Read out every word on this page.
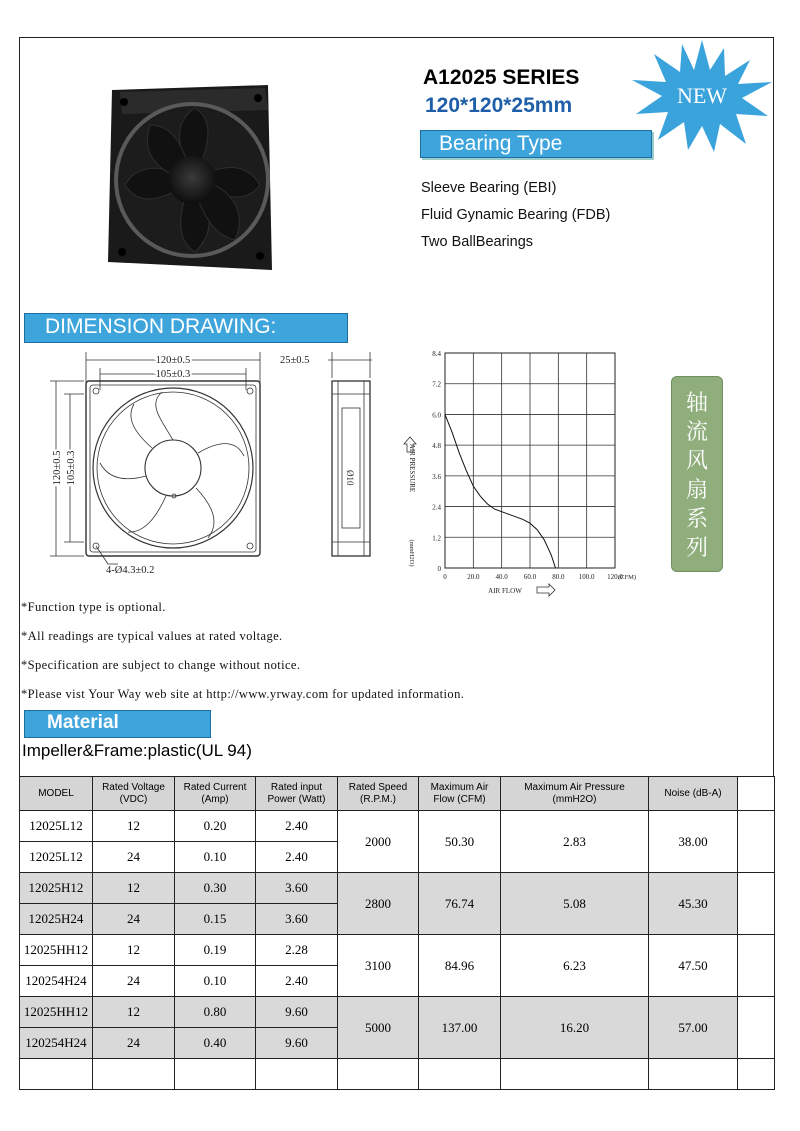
A12025 SERIES
120*120*25mm	NEW
Bearing Type
Sleeve Bearing (EBI)
Fluid Gynamic Bearing (FDB)
Two BallBearings
DIMENSION DRAWING:
120±0.5
105±0.3
120±0.5 105±0.3
4-Ø4.3±0.2
25±0.5
Ø10
0	20.0 40.0 60.0 80.0 100.0 120.0
0
1.2
2.4
3.6
4.8
6.0
7.2
8.4
(CFM)
AIR FLOW
AIR PRESSURE
(mmH2O)
轴
流
风
扇
系
列
*Function type is optional.
*All readings are typical values at rated voltage.
*Specification are subject to change without notice.
*Please vist Your Way web site at http://www.yrway.com for updated information.
Material
Impeller&Frame:plastic(UL 94)
MODEL	Rated Voltage (VDC)	Rated Current (Amp)	Rated input Power (Watt)	Rated Speed (R.P.M.)	Maximum Air Flow (CFM)	Maximum Air Pressure (mmH2O)	Noise (dB-A)	
12025L12	12	0.20	2.40	2000	50.30	2.83	38.00	
12025L12	24	0.10	2.40					
12025H12	12	0.30	3.60	2800	76.74	5.08	45.30	
12025H24	24	0.15	3.60					
12025HH12	12	0.19	2.28	3100	84.96	6.23	47.50	
120254H24	24	0.10	2.40					
12025HH12	12	0.80	9.60	5000	137.00	16.20	57.00	
120254H24	24	0.40	9.60					
